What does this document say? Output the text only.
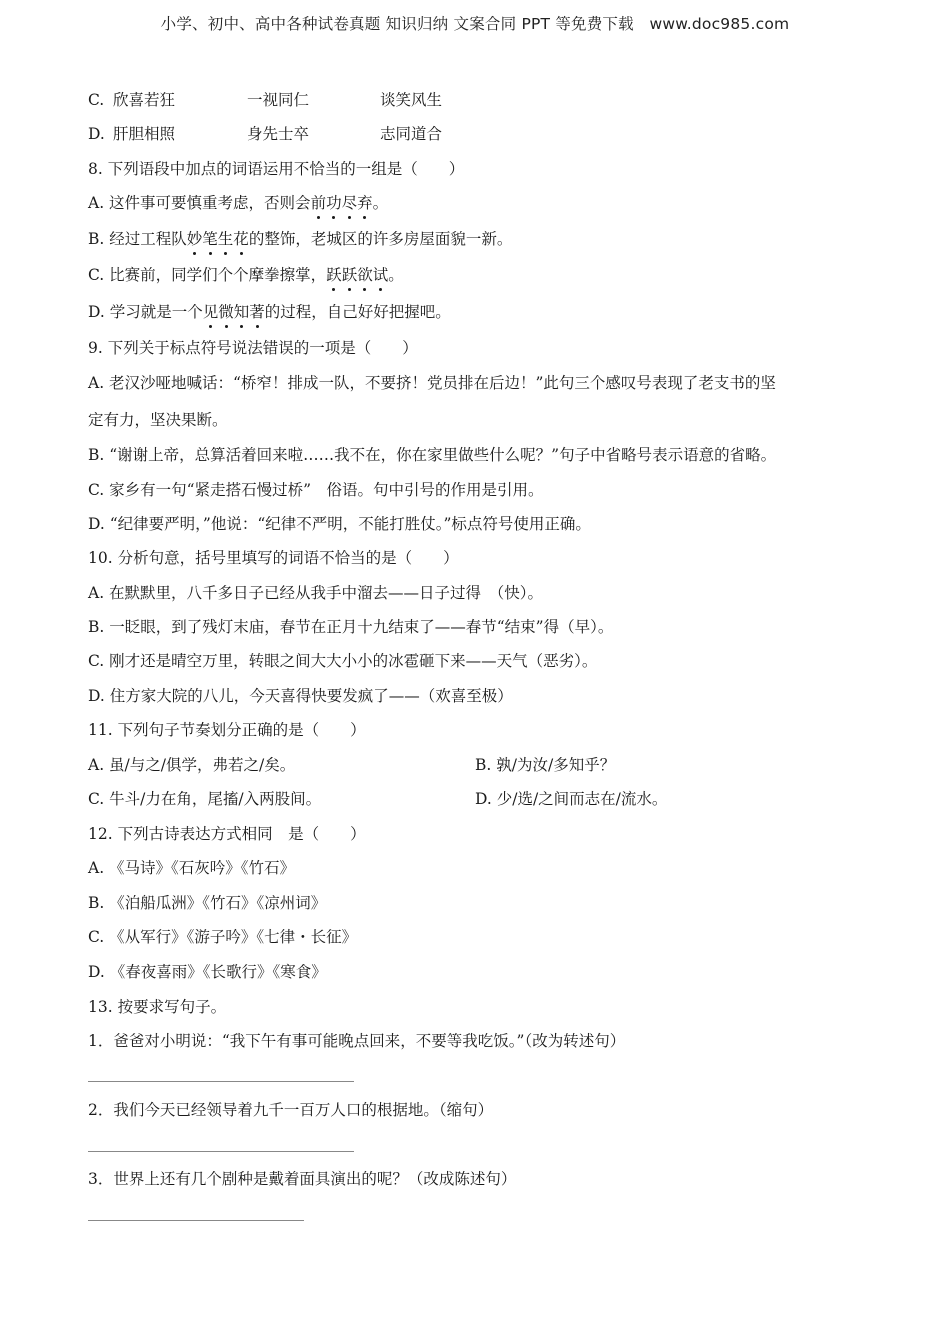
小学、初中、高中各种试卷真题 知识归纳 文案合同 PPT 等免费下载　www.doc985.com
C. 欣喜若狂	一视同仁	谈笑风生
D. 肝胆相照	身先士卒	志同道合
8. 下列语段中加点的词语运用不恰当的一组是（　　）
A. 这件事可要慎重考虑，否则会前功尽弃。
B. 经过工程队妙笔生花的整饰，老城区的许多房屋面貌一新。
C. 比赛前，同学们个个摩拳擦掌，跃跃欲试。
D. 学习就是一个见微知著的过程，自己好好把握吧。
9. 下列关于标点符号说法错误的一项是（　　）
A. 老汉沙哑地喊话：“桥窄！排成一队，不要挤！党员排在后边！”此句三个感叹号表现了老支书的坚
定有力，坚决果断。
B. “谢谢上帝，总算活着回来啦……我不在，你在家里做些什么呢？”句子中省略号表示语意的省略。
C. 家乡有一句“紧走搭石慢过桥”　俗语。句中引号的作用是引用。
D. “纪律要严明，”他说：“纪律不严明，不能打胜仗。”标点符号使用正确。
10. 分析句意，括号里填写的词语不恰当的是（　　）
A. 在默默里，八千多日子已经从我手中溜去——日子过得　（快）。
B. 一眨眼，到了残灯末庙，春节在正月十九结束了——春节“结束”得（早）。
C. 刚才还是晴空万里，转眼之间大大小小的冰雹砸下来——天气（恶劣）。
D. 住方家大院的八儿，今天喜得快要发疯了——（欢喜至极）
11. 下列句子节奏划分正确的是（　　）
A. 虽/与之/俱学，弗若之/矣。	B. 孰/为汝/多知乎？
C. 牛斗/力在角，尾搐/入两股间。	D. 少/选/之间而志在/流水。
12. 下列古诗表达方式相同　是（　　）
A. 《马诗》《石灰吟》《竹石》
B. 《泊船瓜洲》《竹石》《凉州词》
C. 《从军行》《游子吟》《七律・长征》
D. 《春夜喜雨》《长歌行》《寒食》
13. 按要求写句子。
1．爸爸对小明说：“我下午有事可能晚点回来，不要等我吃饭。”（改为转述句）
2．我们今天已经领导着九千一百万人口的根据地。（缩句）
3．世界上还有几个剧种是戴着面具演出的呢？（改成陈述句）
